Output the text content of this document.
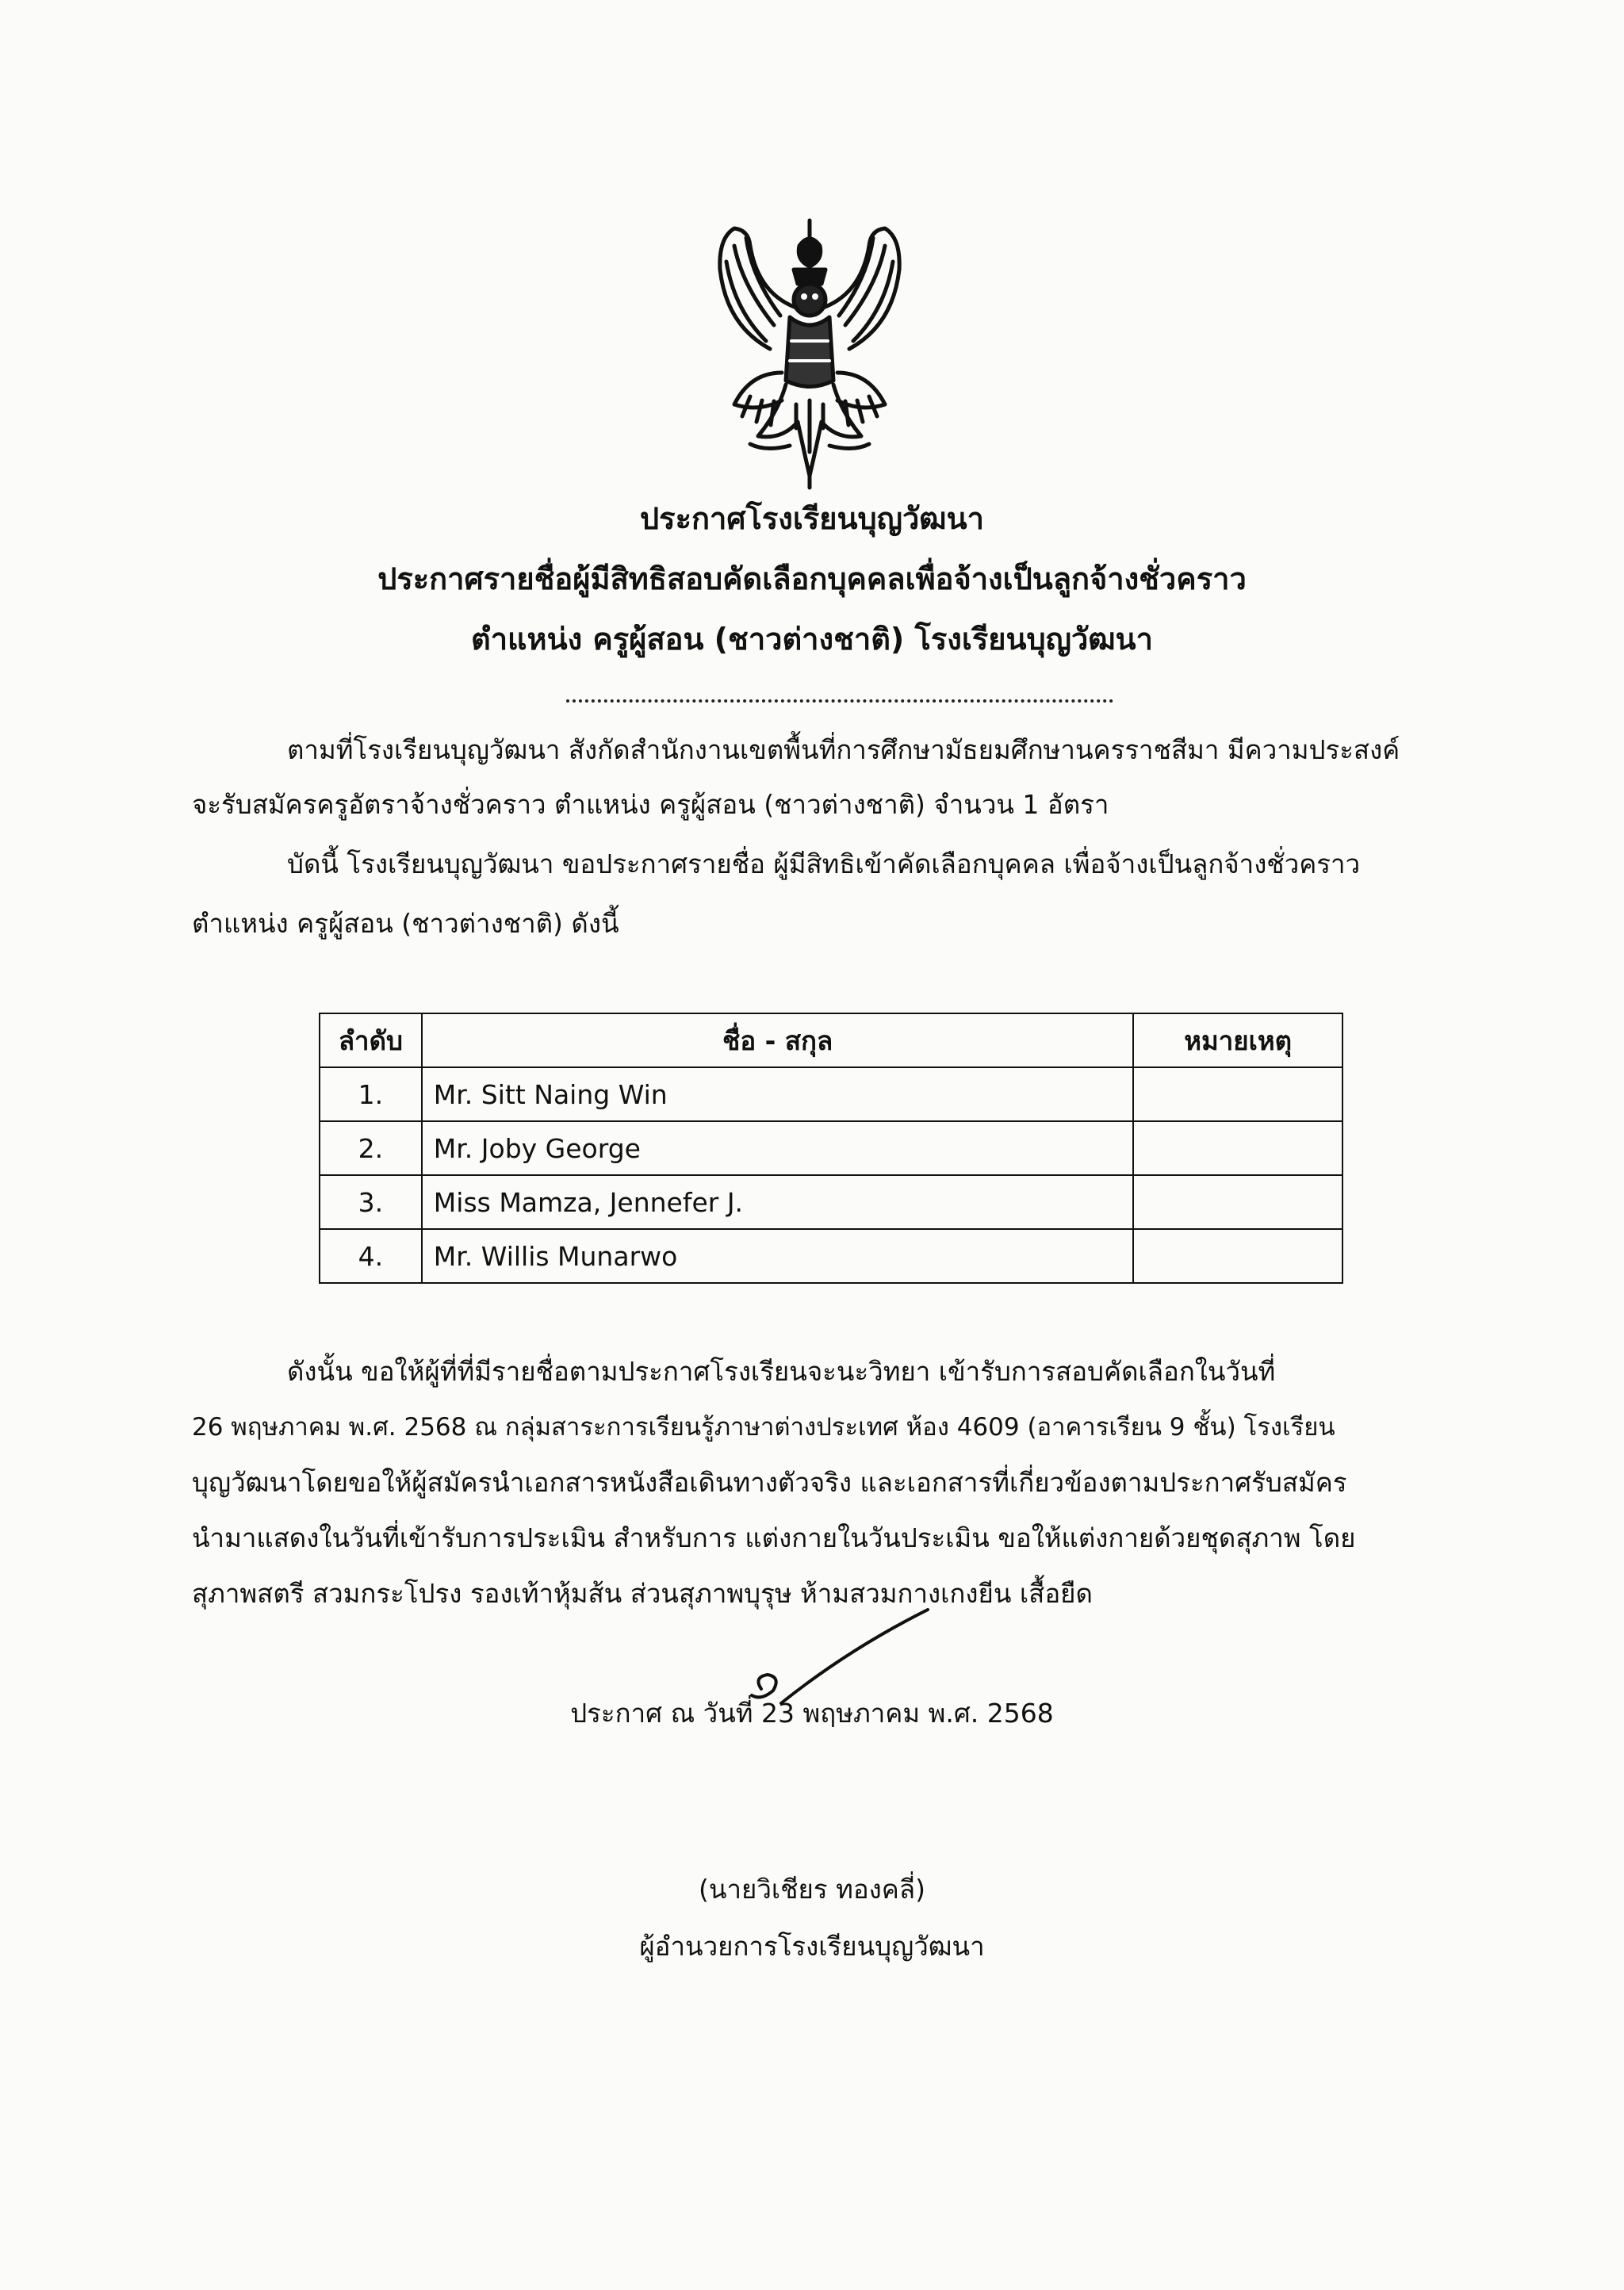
ประกาศโรงเรียนบุญวัฒนา
ประกาศรายชื่อผู้มีสิทธิสอบคัดเลือกบุคคลเพื่อจ้างเป็นลูกจ้างชั่วคราว
ตำแหน่ง ครูผู้สอน (ชาวต่างชาติ) โรงเรียนบุญวัฒนา
ตามที่โรงเรียนบุญวัฒนา สังกัดสำนักงานเขตพื้นที่การศึกษามัธยมศึกษานครราชสีมา มีความประสงค์
จะรับสมัครครูอัตราจ้างชั่วคราว ตำแหน่ง ครูผู้สอน (ชาวต่างชาติ) จำนวน 1 อัตรา
บัดนี้ โรงเรียนบุญวัฒนา ขอประกาศรายชื่อ ผู้มีสิทธิเข้าคัดเลือกบุคคล เพื่อจ้างเป็นลูกจ้างชั่วคราว
ตำแหน่ง ครูผู้สอน (ชาวต่างชาติ) ดังนี้
ลำดับ	ชื่อ - สกุล	หมายเหตุ
1.	Mr. Sitt Naing Win	
2.	Mr. Joby George	
3.	Miss Mamza, Jennefer J.	
4.	Mr. Willis Munarwo	
ดังนั้น ขอให้ผู้ที่ที่มีรายชื่อตามประกาศโรงเรียนจะนะวิทยา เข้ารับการสอบคัดเลือกในวันที่
26 พฤษภาคม พ.ศ. 2568 ณ กลุ่มสาระการเรียนรู้ภาษาต่างประเทศ ห้อง 4609 (อาคารเรียน 9 ชั้น) โรงเรียน
บุญวัฒนาโดยขอให้ผู้สมัครนำเอกสารหนังสือเดินทางตัวจริง และเอกสารที่เกี่ยวข้องตามประกาศรับสมัคร
นำมาแสดงในวันที่เข้ารับการประเมิน สำหรับการ แต่งกายในวันประเมิน ขอให้แต่งกายด้วยชุดสุภาพ โดย
สุภาพสตรี สวมกระโปรง รองเท้าหุ้มส้น ส่วนสุภาพบุรุษ ห้ามสวมกางเกงยีน เสื้อยืด
ประกาศ ณ วันที่ 23 พฤษภาคม พ.ศ. 2568
(นายวิเชียร ทองคลี่)
ผู้อำนวยการโรงเรียนบุญวัฒนา
